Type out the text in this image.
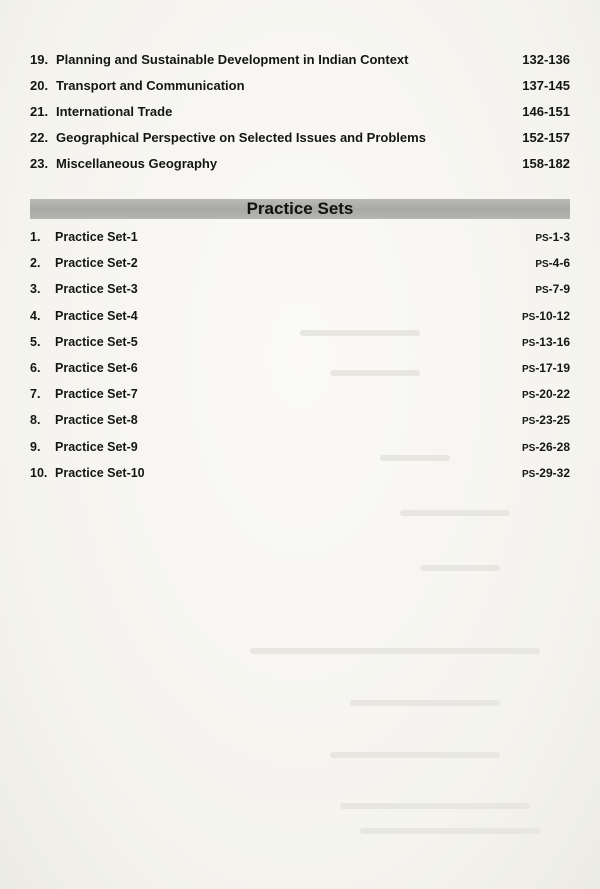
19. Planning and Sustainable Development in Indian Context	132-136
20. Transport and Communication	137-145
21. International Trade	146-151
22. Geographical Perspective on Selected Issues and Problems	152-157
23. Miscellaneous Geography	158-182
Practice Sets
1.	Practice Set-1	PS-1-3
2.	Practice Set-2	PS-4-6
3.	Practice Set-3	PS-7-9
4.	Practice Set-4	PS-10-12
5.	Practice Set-5	PS-13-16
6.	Practice Set-6	PS-17-19
7.	Practice Set-7	PS-20-22
8.	Practice Set-8	PS-23-25
9.	Practice Set-9	PS-26-28
10. Practice Set-10	PS-29-32
